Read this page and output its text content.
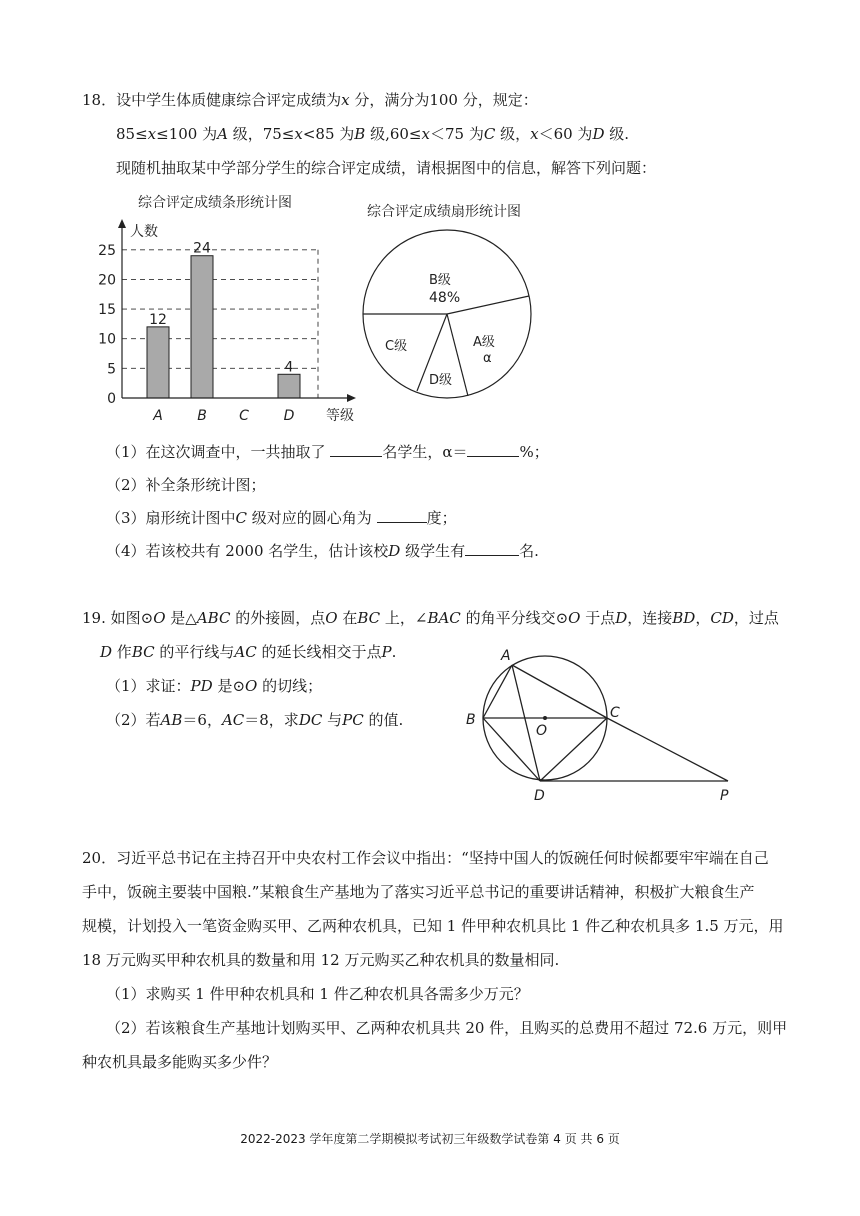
18．设中学生体质健康综合评定成绩为x 分，满分为100 分，规定：
85≤x≤100 为A 级，75≤x<85 为B 级,60≤x＜75 为C 级，x＜60 为D 级.
现随机抽取某中学部分学生的综合评定成绩，请根据图中的信息，解答下列问题：
综合评定成绩条形统计图
12
24
4
0
5
10
15
20
25
A B C D
人数
等级
综合评定成绩扇形统计图
B级
48%
A级
α
D级
C级
（1）在这次调查中，一共抽取了	名学生，α＝	%；
（2）补全条形统计图；
（3）扇形统计图中C 级对应的圆心角为	度；
（4）若该校共有 2000 名学生，估计该校D 级学生有	名.
19. 如图⊙O 是△ABC 的外接圆，点O 在BC 上，∠BAC 的角平分线交⊙O 于点D，连接BD，CD，过点
D 作BC 的平行线与AC 的延长线相交于点P.
（1）求证：PD 是⊙O 的切线；
（2）若AB＝6，AC＝8，求DC 与PC 的值.
A
B	C
O
D	P
20．习近平总书记在主持召开中央农村工作会议中指出：“坚持中国人的饭碗任何时候都要牢牢端在自己
手中，饭碗主要装中国粮.”某粮食生产基地为了落实习近平总书记的重要讲话精神，积极扩大粮食生产
规模，计划投入一笔资金购买甲、乙两种农机具，已知 1 件甲种农机具比 1 件乙种农机具多 1.5 万元，用
18 万元购买甲种农机具的数量和用 12 万元购买乙种农机具的数量相同.
（1）求购买 1 件甲种农机具和 1 件乙种农机具各需多少万元？
（2）若该粮食生产基地计划购买甲、乙两种农机具共 20 件，且购买的总费用不超过 72.6 万元，则甲
种农机具最多能购买多少件？
2022-2023 学年度第二学期模拟考试初三年级数学试卷第 4 页 共 6 页
